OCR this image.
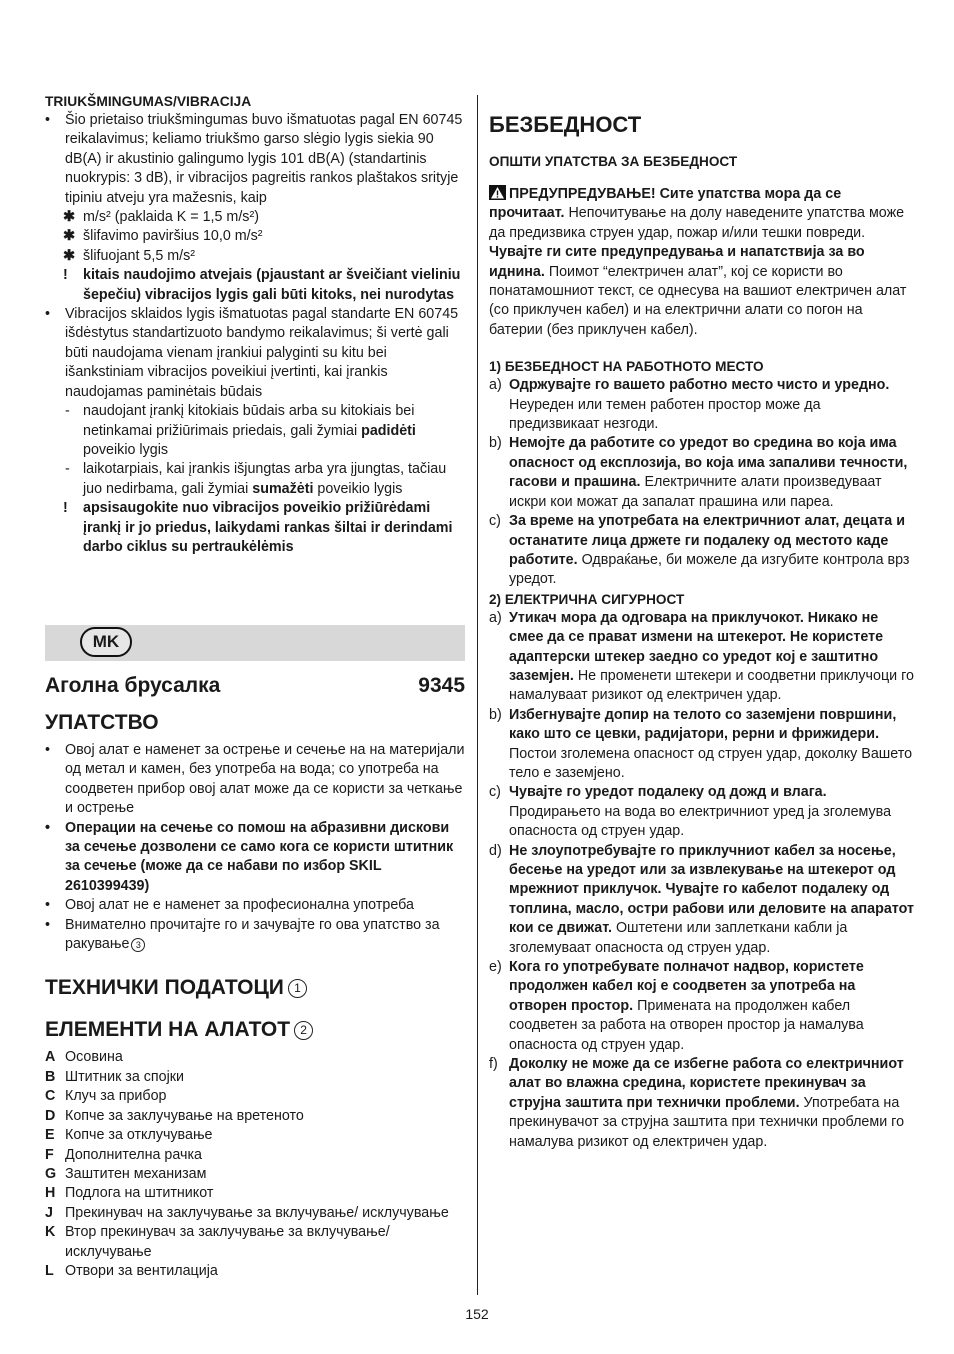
TRIUKŠMINGUMAS/VIBRACIJA

• Šio prietaiso triukšmingumas buvo išmatuotas pagal EN 60745 reikalavimus; keliamo triukšmo garso slėgio lygis siekia 90 dB(A) ir akustinio galingumo lygis 101 dB(A) (standartinis nuokrypis: 3 dB), ir vibracijos pagreitis rankos plaštakos srityje tipiniu atveju yra mažesnis, kaip
✱ m/s² (paklaida K = 1,5 m/s²)
✱ šlifavimo paviršius 10,0 m/s²
✱ šlifuojant 5,5 m/s²
! kitais naudojimo atvejais (pjaustant ar šveičiant vieliniu šepečiu) vibracijos lygis gali būti kitoks, nei nurodytas
• Vibracijos sklaidos lygis išmatuotas pagal standarte EN 60745 išdėstytus standartizuoto bandymo reikalavimus; ši vertė gali būti naudojama vienam įrankiui palyginti su kitu bei išankstiniam vibracijos poveikiui įvertinti, kai įrankis naudojamas paminėtais būdais
- naudojant įrankį kitokiais būdais arba su kitokiais bei netinkamai prižiūrimais priedais, gali žymiai padidėti poveikio lygis
- laikotarpiais, kai įrankis išjungtas arba yra įjungtas, tačiau juo nedirbama, gali žymiai sumažėti poveikio lygis
! apsisaugokite nuo vibracijos poveikio prižiūrėdami įrankį ir jo priedus, laikydami rankas šiltai ir derindami darbo ciklus su pertraukėlėmis
MK
Аголна брусалка	9345

УПАТСТВО

• Овој алат е наменет за острење и сечење на на материјали од метал и камен, без употреба на вода; со употреба на соодветен прибор овој алат може да се користи за четкање и острење
• Операции на сечење со помош на абразивни дискови за сечење дозволени се само кога се користи штитник за сечење (може да се набави по избор SKIL 2610399439)
• Овој алат не е наменет за професионална употреба
• Внимателно прочитајте го и зачувајте го ова упатство за ракување 3

ТЕХНИЧКИ ПОДАТОЦИ 1

ЕЛЕМЕНТИ НА АЛАТОТ 2

A Осовина
B Штитник за спојки
C Клуч за прибор
D Копче за заклучување на вретеното
E Копче за отклучување
F Дополнителна рачка
G Заштитен механизам
H Подлога на штитникот
J Прекинувач на заклучување за вклучување/ исклучување
K Втор прекинувач за заклучување за вклучување/ исклучување
L Отвори за вентилација

БЕЗБЕДНОСТ

ОПШТИ УПАТСТВА ЗА БЕЗБЕДНОСТ

ПРЕДУПРЕДУВАЊЕ! Сите упатства мора да се прочитаат. Непочитување на долу наведените упатства може да предизвика струен удар, пожар и/или тешки повреди. Чувајте ги сите предупредувања и напатствија за во иднина. Поимот “електричен алат”, кој се користи во понатамошниот текст, се однесува на вашиот електричен алат (со приклучен кабел) и на електрични алати со погон на батерии (без приклучен кабел).

1) БЕЗБЕДНОСТ НА РАБОТНОТО МЕСТО

a) Одржувајте го вашето работно место чисто и уредно. Неуреден или темен работен простор може да предизвикаат незгоди.
b) Немојте да работите со уредот во средина во која има опасност од експлозија, во која има запаливи течности, гасови и прашина. Електричните алати произведуваат искри кои можат да запалат прашина или пареа.
c) За време на употребата на електричниот алат, децата и останатите лица држете ги подалеку од местото каде работите. Одвраќање, би можеле да изгубите контрола врз уредот.

2) ЕЛЕКТРИЧНА СИГУРНОСТ

a) Утикач мора да одговара на приклучокот. Никако не смее да се прават измени на штекерот. Не користете адаптерски штекер заедно со уредот кој е заштитно заземјен. Не променети штекери и соодветни приклучоци го намалуваат ризикот од електричен удар.
b) Избегнувајте допир на телото со заземјени површини, како што се цевки, радијатори, рерни и фрижидери. Постои зголемена опасност од струен удар, доколку Вашето тело е заземјено.
c) Чувајте го уредот подалеку од дожд и влага. Продирањето на вода во електричниот уред ја зголемува опасноста од струен удар.
d) Не злоупотребувајте го приклучниот кабел за носење, бесење на уредот или за извлекување на штекерот од мрежниот приклучок. Чувајте го кабелот подалеку од топлина, масло, остри рабови или деловите на апаратот кои се движат. Оштетени или заплеткани кабли ја зголемуваат опасноста од струен удар.
e) Кога го употребувате полначот надвор, користете продолжен кабел кој е соодветен за употреба на отворен простор. Примената на продолжен кабел соодветен за работа на отворен простор ја намалува опасноста од струен удар.
f) Доколку не може да се избегне работа со електричниот алат во влажна средина, користете прекинувач за струјна заштита при технички проблеми. Употребата на прекинувачот за струјна заштита при технички проблеми го намалува ризикот од електричен удар.
152
